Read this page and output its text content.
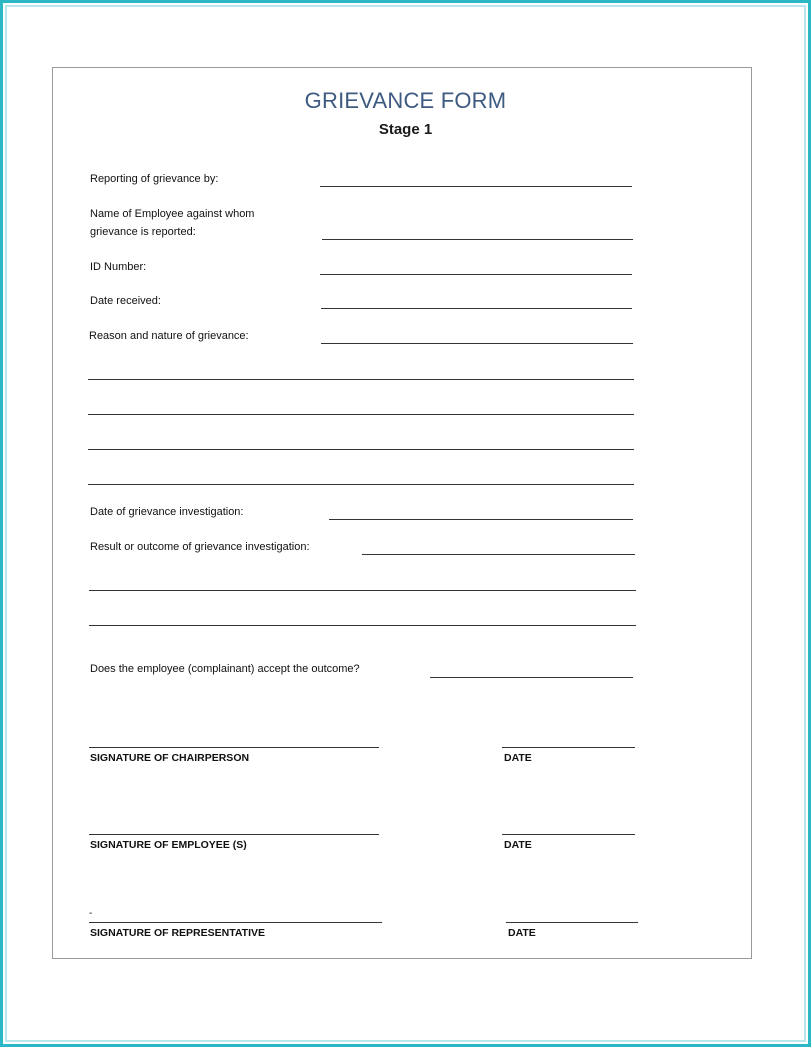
GRIEVANCE FORM
Stage 1
Reporting of grievance by:
Name of Employee against whom
grievance is reported:
ID Number:
Date received:
Reason and nature of grievance:
Date of grievance investigation:
Result or outcome of grievance investigation:
Does the employee (complainant) accept the outcome?
SIGNATURE OF CHAIRPERSON	DATE
SIGNATURE OF EMPLOYEE (S)	DATE
-
SIGNATURE OF REPRESENTATIVE	DATE
